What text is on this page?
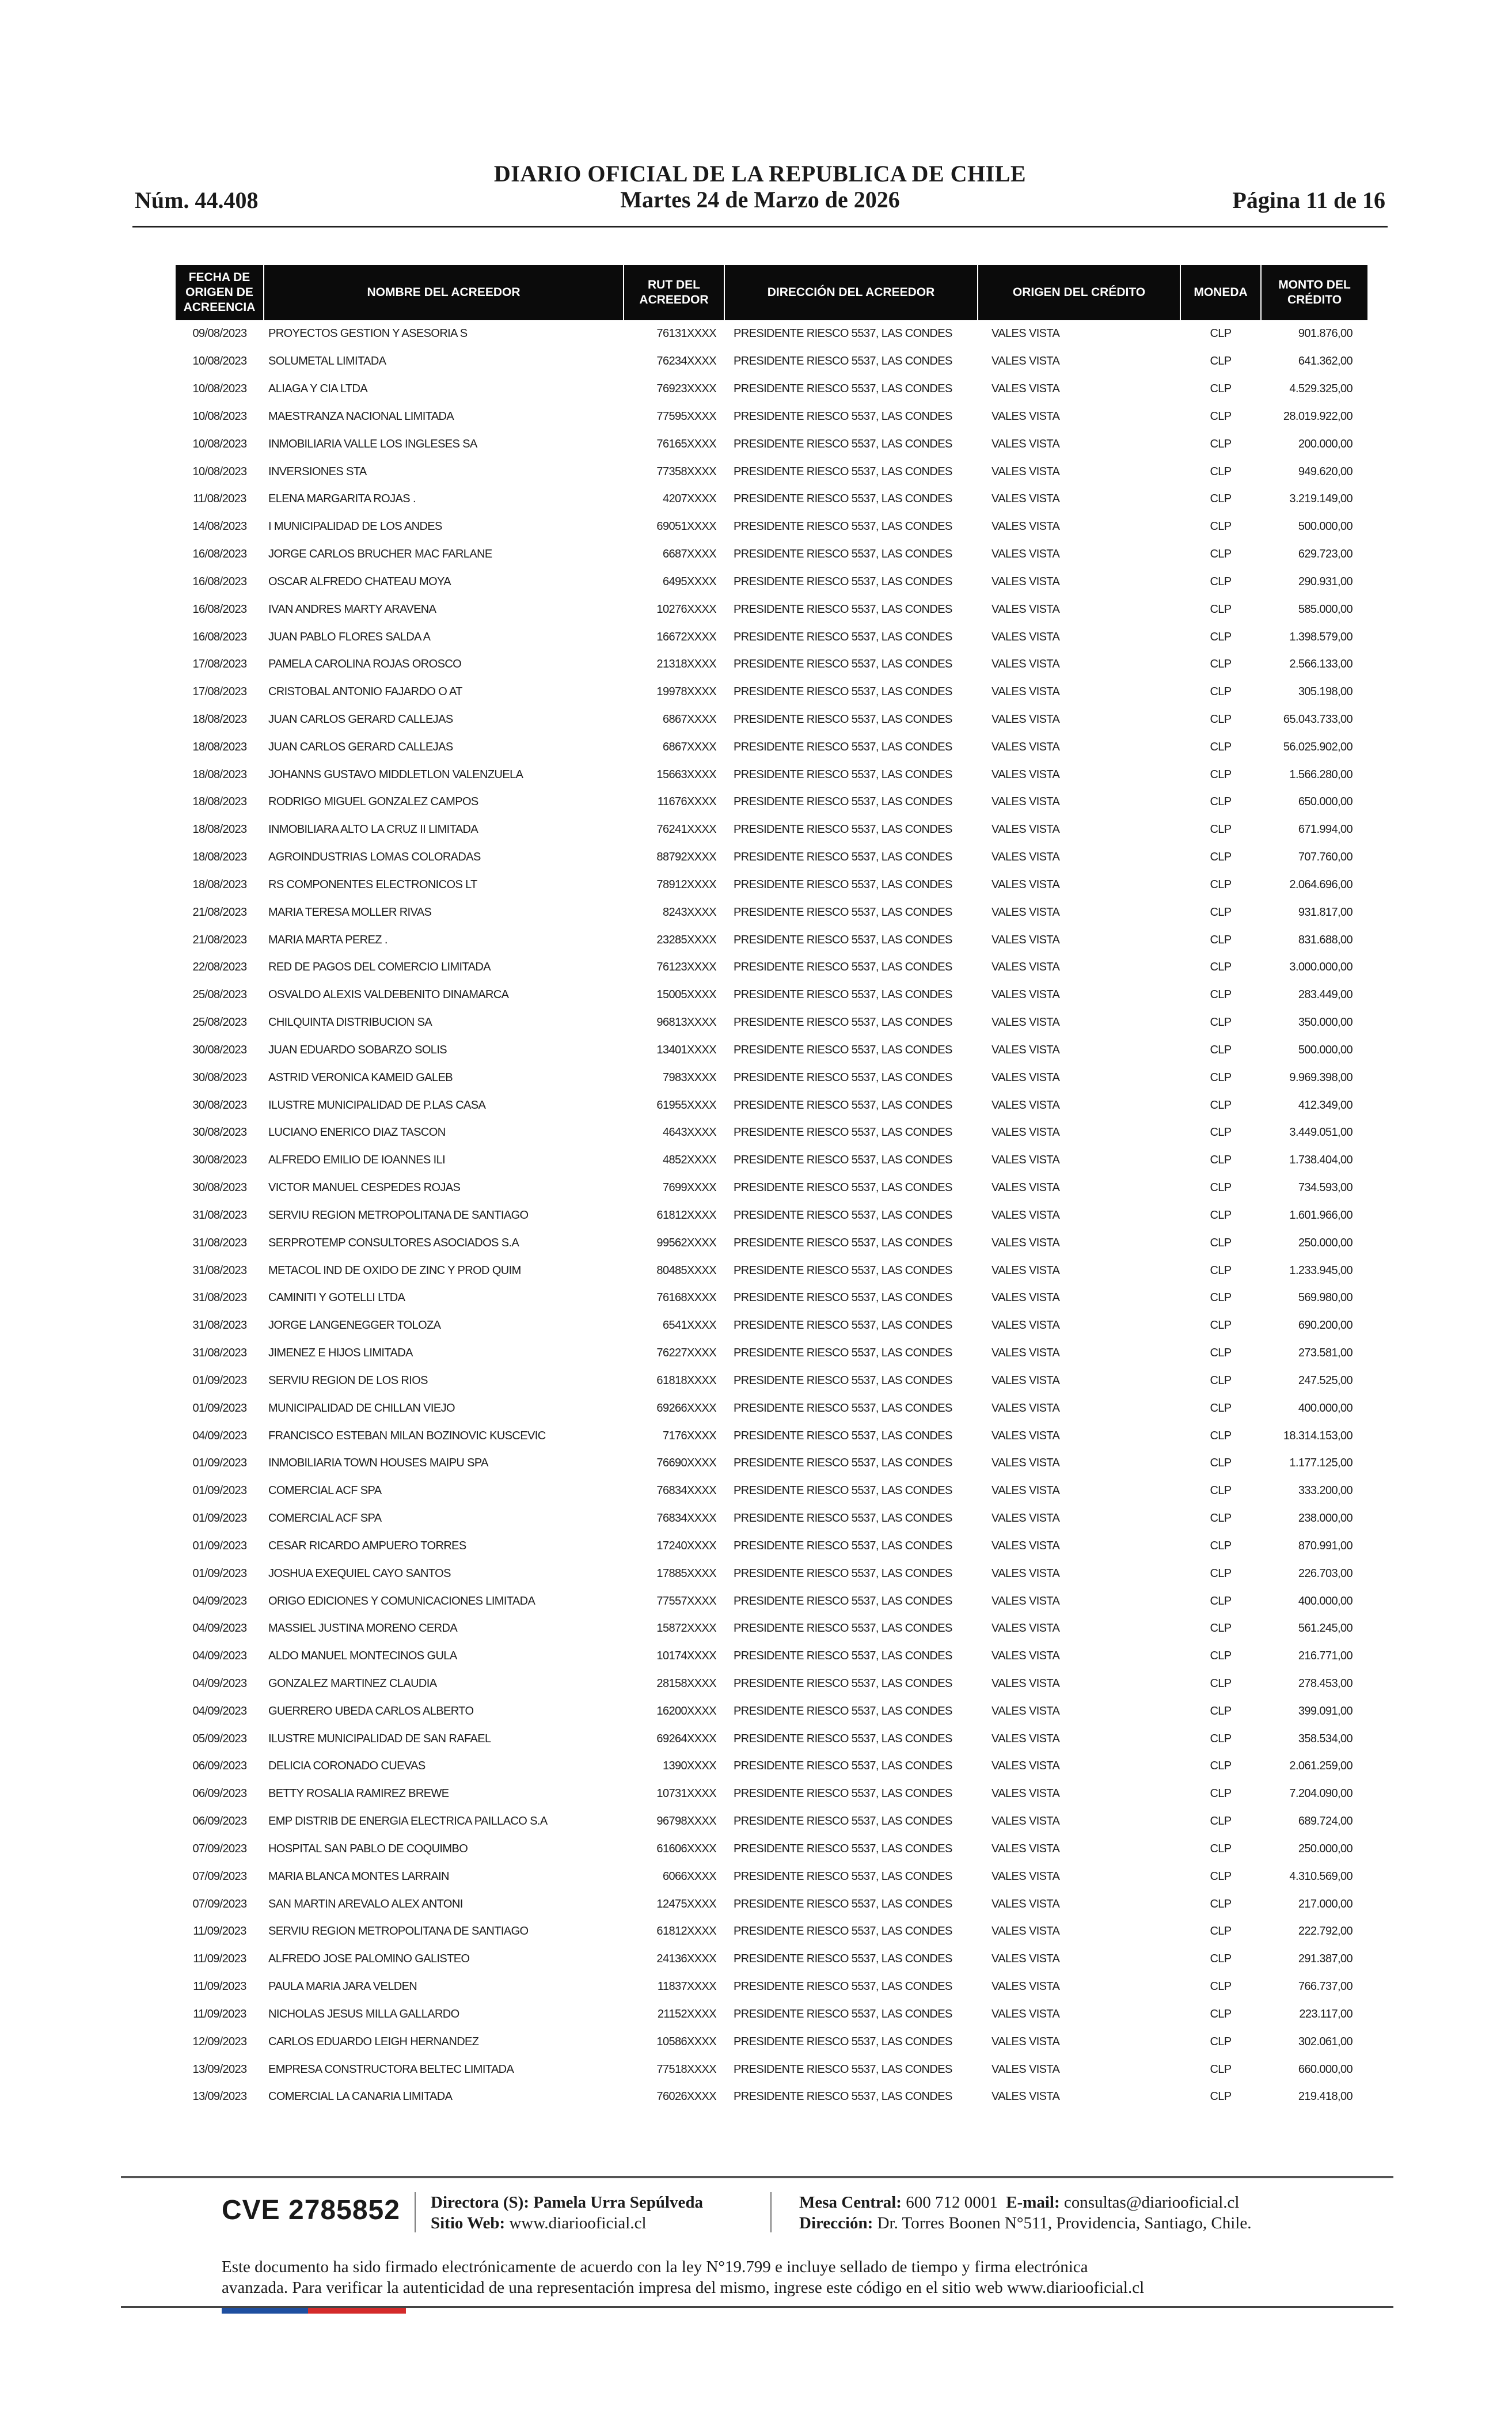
DIARIO OFICIAL DE LA REPUBLICA DE CHILE
Martes 24 de Marzo de 2026
Núm. 44.408	Página 11 de 16
FECHA DE ORIGEN DE ACREENCIA	NOMBRE DEL ACREEDOR	RUT DEL ACREEDOR	DIRECCIÓN DEL ACREEDOR	ORIGEN DEL CRÉDITO	MONEDA	MONTO DEL CRÉDITO
09/08/2023	PROYECTOS GESTION Y ASESORIA S	76131XXXX	PRESIDENTE RIESCO 5537, LAS CONDES	VALES VISTA	CLP	901.876,00
10/08/2023	SOLUMETAL LIMITADA	76234XXXX	PRESIDENTE RIESCO 5537, LAS CONDES	VALES VISTA	CLP	641.362,00
10/08/2023	ALIAGA Y CIA LTDA	76923XXXX	PRESIDENTE RIESCO 5537, LAS CONDES	VALES VISTA	CLP	4.529.325,00
10/08/2023	MAESTRANZA NACIONAL LIMITADA	77595XXXX	PRESIDENTE RIESCO 5537, LAS CONDES	VALES VISTA	CLP	28.019.922,00
10/08/2023	INMOBILIARIA VALLE LOS INGLESES SA	76165XXXX	PRESIDENTE RIESCO 5537, LAS CONDES	VALES VISTA	CLP	200.000,00
10/08/2023	INVERSIONES STA	77358XXXX	PRESIDENTE RIESCO 5537, LAS CONDES	VALES VISTA	CLP	949.620,00
11/08/2023	ELENA MARGARITA ROJAS .	4207XXXX	PRESIDENTE RIESCO 5537, LAS CONDES	VALES VISTA	CLP	3.219.149,00
14/08/2023	I MUNICIPALIDAD DE LOS ANDES	69051XXXX	PRESIDENTE RIESCO 5537, LAS CONDES	VALES VISTA	CLP	500.000,00
16/08/2023	JORGE CARLOS BRUCHER MAC FARLANE	6687XXXX	PRESIDENTE RIESCO 5537, LAS CONDES	VALES VISTA	CLP	629.723,00
16/08/2023	OSCAR ALFREDO CHATEAU MOYA	6495XXXX	PRESIDENTE RIESCO 5537, LAS CONDES	VALES VISTA	CLP	290.931,00
16/08/2023	IVAN ANDRES MARTY ARAVENA	10276XXXX	PRESIDENTE RIESCO 5537, LAS CONDES	VALES VISTA	CLP	585.000,00
16/08/2023	JUAN PABLO FLORES SALDA A	16672XXXX	PRESIDENTE RIESCO 5537, LAS CONDES	VALES VISTA	CLP	1.398.579,00
17/08/2023	PAMELA CAROLINA ROJAS OROSCO	21318XXXX	PRESIDENTE RIESCO 5537, LAS CONDES	VALES VISTA	CLP	2.566.133,00
17/08/2023	CRISTOBAL ANTONIO FAJARDO O AT	19978XXXX	PRESIDENTE RIESCO 5537, LAS CONDES	VALES VISTA	CLP	305.198,00
18/08/2023	JUAN CARLOS GERARD CALLEJAS	6867XXXX	PRESIDENTE RIESCO 5537, LAS CONDES	VALES VISTA	CLP	65.043.733,00
18/08/2023	JUAN CARLOS GERARD CALLEJAS	6867XXXX	PRESIDENTE RIESCO 5537, LAS CONDES	VALES VISTA	CLP	56.025.902,00
18/08/2023	JOHANNS GUSTAVO MIDDLETLON VALENZUELA	15663XXXX	PRESIDENTE RIESCO 5537, LAS CONDES	VALES VISTA	CLP	1.566.280,00
18/08/2023	RODRIGO MIGUEL GONZALEZ CAMPOS	11676XXXX	PRESIDENTE RIESCO 5537, LAS CONDES	VALES VISTA	CLP	650.000,00
18/08/2023	INMOBILIARA ALTO LA CRUZ II LIMITADA	76241XXXX	PRESIDENTE RIESCO 5537, LAS CONDES	VALES VISTA	CLP	671.994,00
18/08/2023	AGROINDUSTRIAS LOMAS COLORADAS	88792XXXX	PRESIDENTE RIESCO 5537, LAS CONDES	VALES VISTA	CLP	707.760,00
18/08/2023	RS COMPONENTES ELECTRONICOS LT	78912XXXX	PRESIDENTE RIESCO 5537, LAS CONDES	VALES VISTA	CLP	2.064.696,00
21/08/2023	MARIA TERESA MOLLER RIVAS	8243XXXX	PRESIDENTE RIESCO 5537, LAS CONDES	VALES VISTA	CLP	931.817,00
21/08/2023	MARIA MARTA PEREZ .	23285XXXX	PRESIDENTE RIESCO 5537, LAS CONDES	VALES VISTA	CLP	831.688,00
22/08/2023	RED DE PAGOS DEL COMERCIO LIMITADA	76123XXXX	PRESIDENTE RIESCO 5537, LAS CONDES	VALES VISTA	CLP	3.000.000,00
25/08/2023	OSVALDO ALEXIS VALDEBENITO DINAMARCA	15005XXXX	PRESIDENTE RIESCO 5537, LAS CONDES	VALES VISTA	CLP	283.449,00
25/08/2023	CHILQUINTA DISTRIBUCION SA	96813XXXX	PRESIDENTE RIESCO 5537, LAS CONDES	VALES VISTA	CLP	350.000,00
30/08/2023	JUAN EDUARDO SOBARZO SOLIS	13401XXXX	PRESIDENTE RIESCO 5537, LAS CONDES	VALES VISTA	CLP	500.000,00
30/08/2023	ASTRID VERONICA KAMEID GALEB	7983XXXX	PRESIDENTE RIESCO 5537, LAS CONDES	VALES VISTA	CLP	9.969.398,00
30/08/2023	ILUSTRE MUNICIPALIDAD DE P.LAS CASA	61955XXXX	PRESIDENTE RIESCO 5537, LAS CONDES	VALES VISTA	CLP	412.349,00
30/08/2023	LUCIANO ENERICO DIAZ TASCON	4643XXXX	PRESIDENTE RIESCO 5537, LAS CONDES	VALES VISTA	CLP	3.449.051,00
30/08/2023	ALFREDO EMILIO DE IOANNES ILI	4852XXXX	PRESIDENTE RIESCO 5537, LAS CONDES	VALES VISTA	CLP	1.738.404,00
30/08/2023	VICTOR MANUEL CESPEDES ROJAS	7699XXXX	PRESIDENTE RIESCO 5537, LAS CONDES	VALES VISTA	CLP	734.593,00
31/08/2023	SERVIU REGION METROPOLITANA DE SANTIAGO	61812XXXX	PRESIDENTE RIESCO 5537, LAS CONDES	VALES VISTA	CLP	1.601.966,00
31/08/2023	SERPROTEMP CONSULTORES ASOCIADOS S.A	99562XXXX	PRESIDENTE RIESCO 5537, LAS CONDES	VALES VISTA	CLP	250.000,00
31/08/2023	METACOL IND DE OXIDO DE ZINC Y PROD QUIM	80485XXXX	PRESIDENTE RIESCO 5537, LAS CONDES	VALES VISTA	CLP	1.233.945,00
31/08/2023	CAMINITI Y GOTELLI LTDA	76168XXXX	PRESIDENTE RIESCO 5537, LAS CONDES	VALES VISTA	CLP	569.980,00
31/08/2023	JORGE LANGENEGGER TOLOZA	6541XXXX	PRESIDENTE RIESCO 5537, LAS CONDES	VALES VISTA	CLP	690.200,00
31/08/2023	JIMENEZ E HIJOS LIMITADA	76227XXXX	PRESIDENTE RIESCO 5537, LAS CONDES	VALES VISTA	CLP	273.581,00
01/09/2023	SERVIU REGION DE LOS RIOS	61818XXXX	PRESIDENTE RIESCO 5537, LAS CONDES	VALES VISTA	CLP	247.525,00
01/09/2023	MUNICIPALIDAD DE CHILLAN VIEJO	69266XXXX	PRESIDENTE RIESCO 5537, LAS CONDES	VALES VISTA	CLP	400.000,00
04/09/2023	FRANCISCO ESTEBAN MILAN BOZINOVIC KUSCEVIC	7176XXXX	PRESIDENTE RIESCO 5537, LAS CONDES	VALES VISTA	CLP	18.314.153,00
01/09/2023	INMOBILIARIA TOWN HOUSES MAIPU SPA	76690XXXX	PRESIDENTE RIESCO 5537, LAS CONDES	VALES VISTA	CLP	1.177.125,00
01/09/2023	COMERCIAL ACF SPA	76834XXXX	PRESIDENTE RIESCO 5537, LAS CONDES	VALES VISTA	CLP	333.200,00
01/09/2023	COMERCIAL ACF SPA	76834XXXX	PRESIDENTE RIESCO 5537, LAS CONDES	VALES VISTA	CLP	238.000,00
01/09/2023	CESAR RICARDO AMPUERO TORRES	17240XXXX	PRESIDENTE RIESCO 5537, LAS CONDES	VALES VISTA	CLP	870.991,00
01/09/2023	JOSHUA EXEQUIEL CAYO SANTOS	17885XXXX	PRESIDENTE RIESCO 5537, LAS CONDES	VALES VISTA	CLP	226.703,00
04/09/2023	ORIGO EDICIONES Y COMUNICACIONES LIMITADA	77557XXXX	PRESIDENTE RIESCO 5537, LAS CONDES	VALES VISTA	CLP	400.000,00
04/09/2023	MASSIEL JUSTINA MORENO CERDA	15872XXXX	PRESIDENTE RIESCO 5537, LAS CONDES	VALES VISTA	CLP	561.245,00
04/09/2023	ALDO MANUEL MONTECINOS GULA	10174XXXX	PRESIDENTE RIESCO 5537, LAS CONDES	VALES VISTA	CLP	216.771,00
04/09/2023	GONZALEZ MARTINEZ CLAUDIA	28158XXXX	PRESIDENTE RIESCO 5537, LAS CONDES	VALES VISTA	CLP	278.453,00
04/09/2023	GUERRERO UBEDA CARLOS ALBERTO	16200XXXX	PRESIDENTE RIESCO 5537, LAS CONDES	VALES VISTA	CLP	399.091,00
05/09/2023	ILUSTRE MUNICIPALIDAD DE SAN RAFAEL	69264XXXX	PRESIDENTE RIESCO 5537, LAS CONDES	VALES VISTA	CLP	358.534,00
06/09/2023	DELICIA CORONADO CUEVAS	1390XXXX	PRESIDENTE RIESCO 5537, LAS CONDES	VALES VISTA	CLP	2.061.259,00
06/09/2023	BETTY ROSALIA RAMIREZ BREWE	10731XXXX	PRESIDENTE RIESCO 5537, LAS CONDES	VALES VISTA	CLP	7.204.090,00
06/09/2023	EMP DISTRIB DE ENERGIA ELECTRICA PAILLACO S.A	96798XXXX	PRESIDENTE RIESCO 5537, LAS CONDES	VALES VISTA	CLP	689.724,00
07/09/2023	HOSPITAL SAN PABLO DE COQUIMBO	61606XXXX	PRESIDENTE RIESCO 5537, LAS CONDES	VALES VISTA	CLP	250.000,00
07/09/2023	MARIA BLANCA MONTES LARRAIN	6066XXXX	PRESIDENTE RIESCO 5537, LAS CONDES	VALES VISTA	CLP	4.310.569,00
07/09/2023	SAN MARTIN AREVALO ALEX ANTONI	12475XXXX	PRESIDENTE RIESCO 5537, LAS CONDES	VALES VISTA	CLP	217.000,00
11/09/2023	SERVIU REGION METROPOLITANA DE SANTIAGO	61812XXXX	PRESIDENTE RIESCO 5537, LAS CONDES	VALES VISTA	CLP	222.792,00
11/09/2023	ALFREDO JOSE PALOMINO GALISTEO	24136XXXX	PRESIDENTE RIESCO 5537, LAS CONDES	VALES VISTA	CLP	291.387,00
11/09/2023	PAULA MARIA JARA VELDEN	11837XXXX	PRESIDENTE RIESCO 5537, LAS CONDES	VALES VISTA	CLP	766.737,00
11/09/2023	NICHOLAS JESUS MILLA GALLARDO	21152XXXX	PRESIDENTE RIESCO 5537, LAS CONDES	VALES VISTA	CLP	223.117,00
12/09/2023	CARLOS EDUARDO LEIGH HERNANDEZ	10586XXXX	PRESIDENTE RIESCO 5537, LAS CONDES	VALES VISTA	CLP	302.061,00
13/09/2023	EMPRESA CONSTRUCTORA BELTEC LIMITADA	77518XXXX	PRESIDENTE RIESCO 5537, LAS CONDES	VALES VISTA	CLP	660.000,00
13/09/2023	COMERCIAL LA CANARIA LIMITADA	76026XXXX	PRESIDENTE RIESCO 5537, LAS CONDES	VALES VISTA	CLP	219.418,00
CVE 2785852 Directora (S): Pamela Urra Sepúlveda
Sitio Web: www.diariooficial.cl
Mesa Central: 600 712 0001 E-mail: consultas@diariooficial.cl
Dirección: Dr. Torres Boonen N°511, Providencia, Santiago, Chile.
Este documento ha sido firmado electrónicamente de acuerdo con la ley N°19.799 e incluye sellado de tiempo y firma electrónica
avanzada. Para verificar la autenticidad de una representación impresa del mismo, ingrese este código en el sitio web www.diariooficial.cl
